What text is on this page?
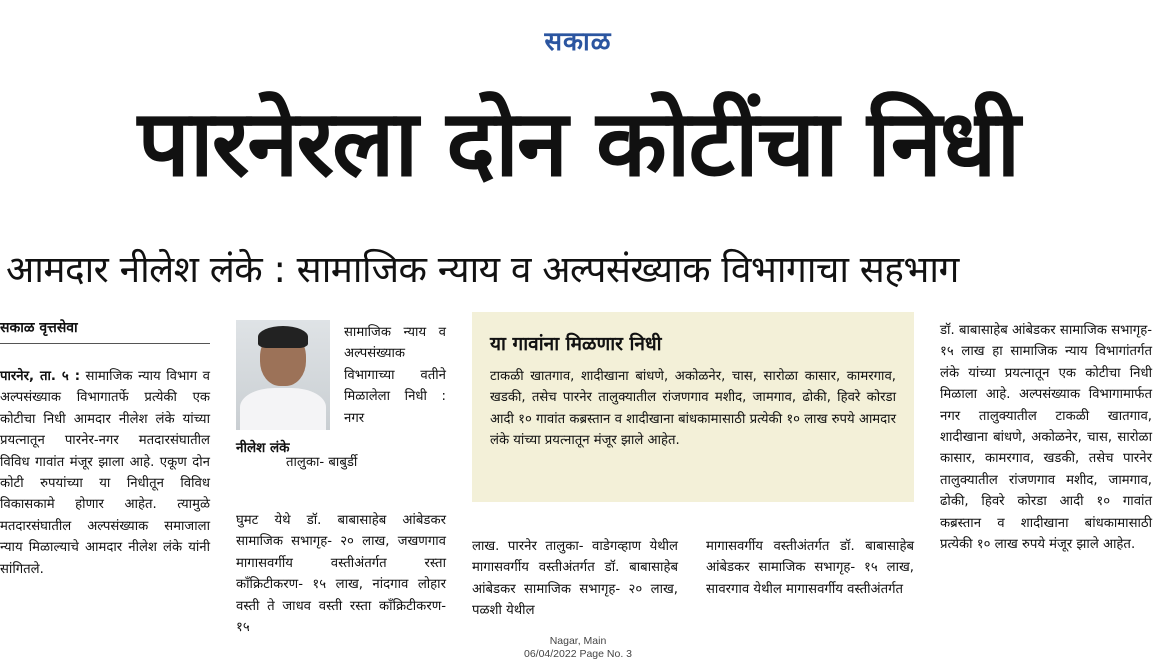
सकाळ
पारनेरला दोन कोटींचा निधी
आमदार नीलेश लंके : सामाजिक न्याय व अल्पसंख्याक विभागाचा सहभाग
सकाळ वृत्तसेवा
पारनेर, ता. ५ : सामाजिक न्याय विभाग व अल्पसंख्याक विभागातर्फे प्रत्येकी एक कोटीचा निधी आमदार नीलेश लंके यांच्या प्रयत्नातून पारनेर-नगर मतदारसंघातील विविध गावांत मंजूर झाला आहे. एकूण दोन कोटी रुपयांच्या या निधीतून विविध विकासकामे होणार आहेत. त्यामुळे मतदारसंघातील अल्पसंख्याक समाजाला न्याय मिळाल्याचे आमदार नीलेश लंके यांनी सांगितले.
नीलेश लंके
सामाजिक न्याय व अल्पसंख्याक विभागाच्या वतीने मिळालेला निधी : नगर
तालुका- बाबुर्डी
घुमट येथे डॉ. बाबासाहेब आंबेडकर सामाजिक सभागृह- २० लाख, जखणगाव मागासवर्गीय वस्तीअंतर्गत रस्ता कॉंक्रिटीकरण- १५ लाख, नांदगाव लोहार वस्ती ते जाधव वस्ती रस्ता कॉंक्रिटीकरण- १५
या गावांना मिळणार निधी
टाकळी खातगाव, शादीखाना बांधणे, अकोळनेर, चास, सारोळा कासार, कामरगाव, खडकी, तसेच पारनेर तालुक्यातील रांजणगाव मशीद, जामगाव, ढोकी, हिवरे कोरडा आदी १० गावांत कब्रस्तान व शादीखाना बांधकामासाठी प्रत्येकी १० लाख रुपये आमदार लंके यांच्या प्रयत्नातून मंजूर झाले आहेत.
लाख. पारनेर तालुका- वाडेगव्हाण येथील मागासवर्गीय वस्तीअंतर्गत डॉ. बाबासाहेब आंबेडकर सामाजिक सभागृह- २० लाख, पळशी येथील
मागासवर्गीय वस्तीअंतर्गत डॉ. बाबासाहेब आंबेडकर सामाजिक सभागृह- १५ लाख, सावरगाव येथील मागासवर्गीय वस्तीअंतर्गत
डॉ. बाबासाहेब आंबेडकर सामाजिक सभागृह- १५ लाख हा सामाजिक न्याय विभागांतर्गत लंके यांच्या प्रयत्नातून एक कोटीचा निधी मिळाला आहे. अल्पसंख्याक विभागामार्फत नगर तालुक्यातील टाकळी खातगाव, शादीखाना बांधणे, अकोळनेर, चास, सारोळा कासार, कामरगाव, खडकी, तसेच पारनेर तालुक्यातील रांजणगाव मशीद, जामगाव, ढोकी, हिवरे कोरडा आदी १० गावांत कब्रस्तान व शादीखाना बांधकामासाठी प्रत्येकी १० लाख रुपये मंजूर झाले आहेत.
Nagar, Main
06/04/2022 Page No. 3
